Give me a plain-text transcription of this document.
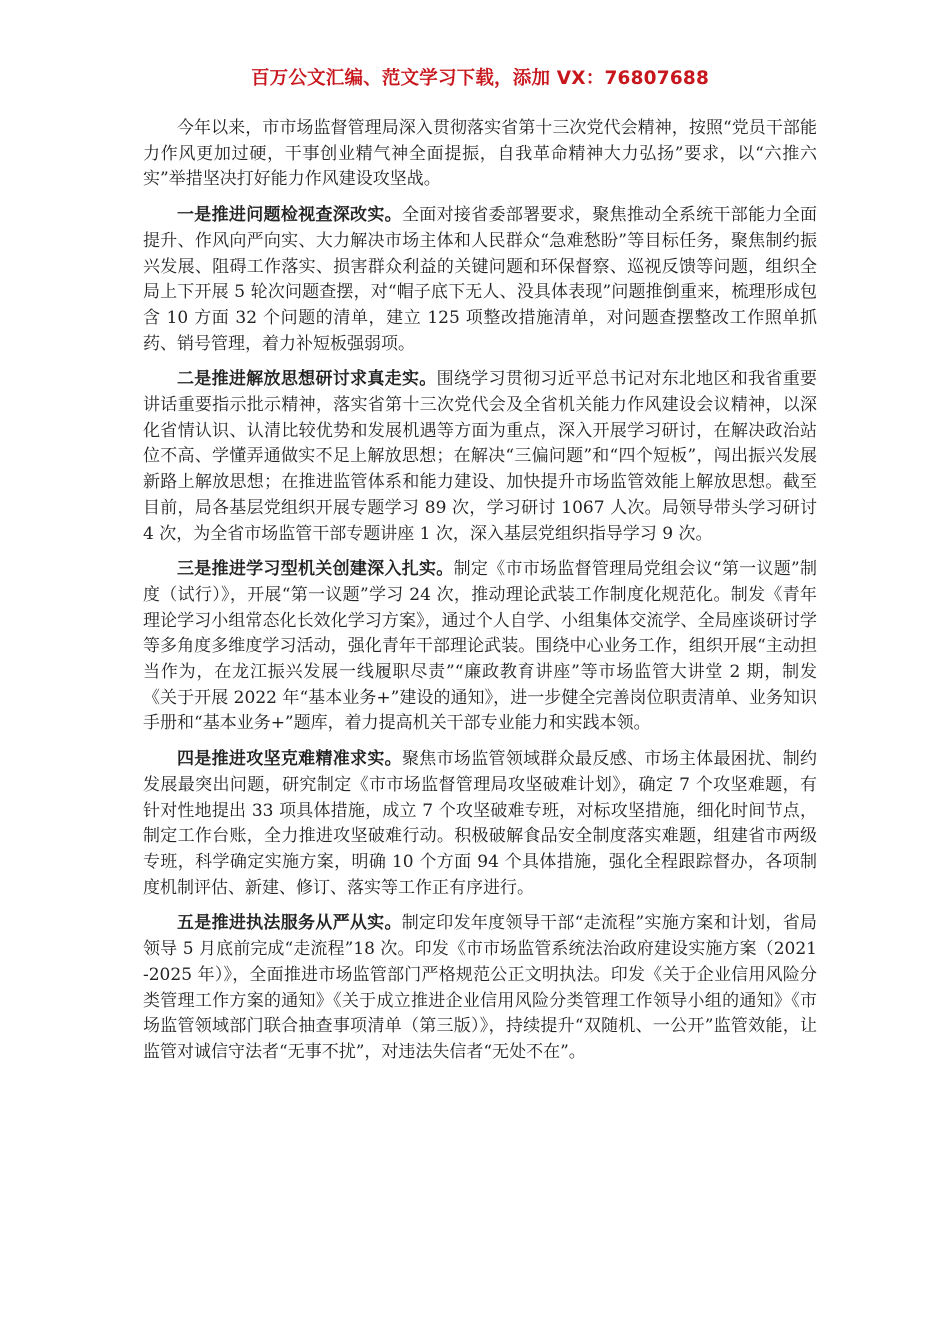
百万公文汇编、范文学习下载，添加 VX：76807688

今年以来，市市场监督管理局深入贯彻落实省第十三次党代会精神，按照“党员干部能力作风更加过硬，干事创业精气神全面提振，自我革命精神大力弘扬”要求，以“六推六实”举措坚决打好能力作风建设攻坚战。

一是推进问题检视查深改实。全面对接省委部署要求，聚焦推动全系统干部能力全面提升、作风向严向实、大力解决市场主体和人民群众“急难愁盼”等目标任务，聚焦制约振兴发展、阻碍工作落实、损害群众利益的关键问题和环保督察、巡视反馈等问题，组织全局上下开展 5 轮次问题查摆，对“帽子底下无人、没具体表现”问题推倒重来，梳理形成包含 10 方面 32 个问题的清单，建立 125 项整改措施清单，对问题查摆整改工作照单抓药、销号管理，着力补短板强弱项。

二是推进解放思想研讨求真走实。围绕学习贯彻习近平总书记对东北地区和我省重要讲话重要指示批示精神，落实省第十三次党代会及全省机关能力作风建设会议精神，以深化省情认识、认清比较优势和发展机遇等方面为重点，深入开展学习研讨，在解决政治站位不高、学懂弄通做实不足上解放思想；在解决“三偏问题”和“四个短板”，闯出振兴发展新路上解放思想；在推进监管体系和能力建设、加快提升市场监管效能上解放思想。截至目前，局各基层党组织开展专题学习 89 次，学习研讨 1067 人次。局领导带头学习研讨 4 次，为全省市场监管干部专题讲座 1 次，深入基层党组织指导学习 9 次。

三是推进学习型机关创建深入扎实。制定《市市场监督管理局党组会议“第一议题”制度（试行）》，开展“第一议题”学习 24 次，推动理论武装工作制度化规范化。制发《青年理论学习小组常态化长效化学习方案》，通过个人自学、小组集体交流学、全局座谈研讨学等多角度多维度学习活动，强化青年干部理论武装。围绕中心业务工作，组织开展“主动担当作为，在龙江振兴发展一线履职尽责”“廉政教育讲座”等市场监管大讲堂 2 期，制发《关于开展 2022 年“基本业务+”建设的通知》，进一步健全完善岗位职责清单、业务知识手册和“基本业务+”题库，着力提高机关干部专业能力和实践本领。

四是推进攻坚克难精准求实。聚焦市场监管领域群众最反感、市场主体最困扰、制约发展最突出问题，研究制定《市市场监督管理局攻坚破难计划》，确定 7 个攻坚难题，有针对性地提出 33 项具体措施，成立 7 个攻坚破难专班，对标攻坚措施，细化时间节点，制定工作台账，全力推进攻坚破难行动。积极破解食品安全制度落实难题，组建省市两级专班，科学确定实施方案，明确 10 个方面 94 个具体措施，强化全程跟踪督办，各项制度机制评估、新建、修订、落实等工作正有序进行。

五是推进执法服务从严从实。制定印发年度领导干部“走流程”实施方案和计划，省局领导 5 月底前完成“走流程”18 次。印发《市市场监管系统法治政府建设实施方案（2021-2025 年）》，全面推进市场监管部门严格规范公正文明执法。印发《关于企业信用风险分类管理工作方案的通知》《关于成立推进企业信用风险分类管理工作领导小组的通知》《市场监管领域部门联合抽查事项清单（第三版）》，持续提升“双随机、一公开”监管效能，让监管对诚信守法者“无事不扰”，对违法失信者“无处不在”。
